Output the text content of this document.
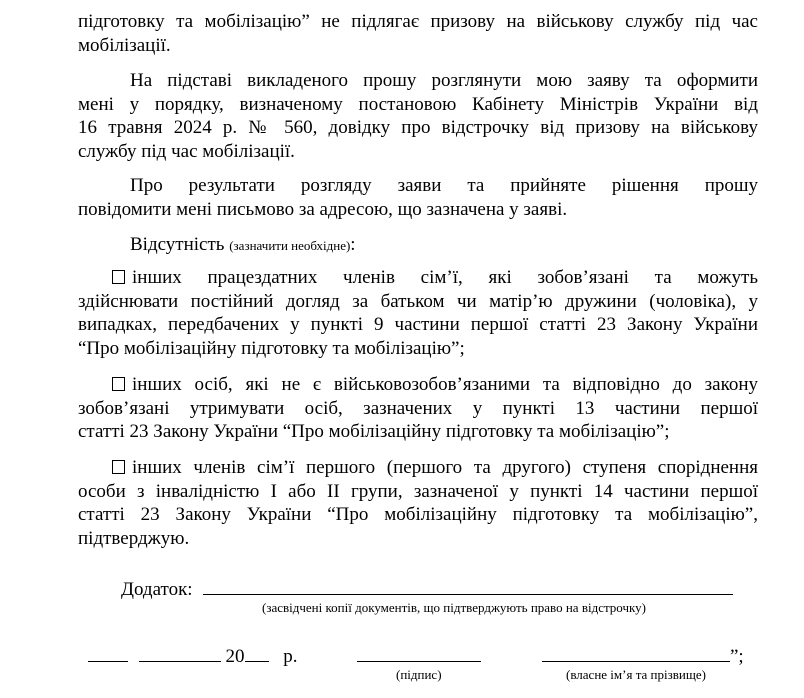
підготовку та мобілізацію” не підлягає призову на військову службу під час
мобілізації.
На підставі викладеного прошу розглянути мою заяву та оформити
мені у порядку, визначеному постановою Кабінету Міністрів України від
16 травня 2024 р. № 560, довідку про відстрочку від призову на військову
службу під час мобілізації.
Про результати розгляду заяви та прийняте рішення прошу
повідомити мені письмово за адресою, що зазначена у заяві.
Відсутність (зазначити необхідне):
інших працездатних членів сім’ї, які зобов’язані та можуть
здійснювати постійний догляд за батьком чи матір’ю дружини (чоловіка), у
випадках, передбачених у пункті 9 частини першої статті 23 Закону України
“Про мобілізаційну підготовку та мобілізацію”;
інших осіб, які не є військовозобов’язаними та відповідно до закону
зобов’язані утримувати осіб, зазначених у пункті 13 частини першої
статті 23 Закону України “Про мобілізаційну підготовку та мобілізацію”;
інших членів сім’ї першого (першого та другого) ступеня споріднення
особи з інвалідністю I або II групи, зазначеної у пункті 14 частини першої
статті 23 Закону України “Про мобілізаційну підготовку та мобілізацію”,
підтверджую.
Додаток:
(засвідчені копії документів, що підтверджують право на відстрочку)
20 р.
(підпис)
”;
(власне ім’я та прізвище)
